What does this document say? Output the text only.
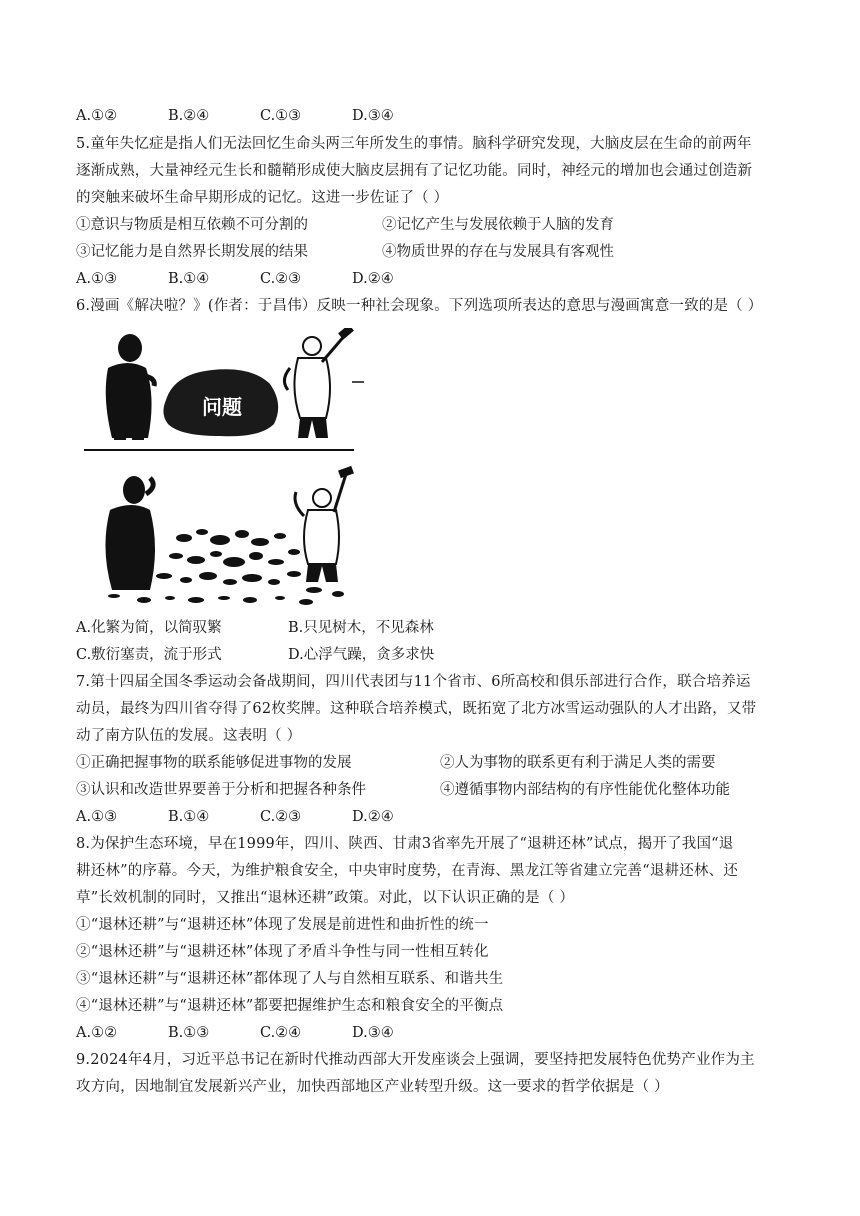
A.①②	B.②④	C.①③	D.③④
5.童年失忆症是指人们无法回忆生命头两三年所发生的事情。脑科学研究发现，大脑皮层在生命的前两年
逐渐成熟，大量神经元生长和髓鞘形成使大脑皮层拥有了记忆功能。同时，神经元的增加也会通过创造新
的突触来破坏生命早期形成的记忆。这进一步佐证了（ ）
①意识与物质是相互依赖不可分割的	②记忆产生与发展依赖于人脑的发育
③记忆能力是自然界长期发展的结果	④物质世界的存在与发展具有客观性
A.①③	B.①④	C.②③	D.②④
6.漫画《解决啦？》(作者：于昌伟）反映一种社会现象。下列选项所表达的意思与漫画寓意一致的是（ ）
问题
A.化繁为简，以简驭繁	B.只见树木，不见森林
C.敷衍塞责，流于形式	D.心浮气躁，贪多求快
7.第十四届全国冬季运动会备战期间，四川代表团与11个省市、6所高校和俱乐部进行合作，联合培养运
动员，最终为四川省夺得了62枚奖牌。这种联合培养模式，既拓宽了北方冰雪运动强队的人才出路，又带
动了南方队伍的发展。这表明（ ）
①正确把握事物的联系能够促进事物的发展	②人为事物的联系更有利于满足人类的需要
③认识和改造世界要善于分析和把握各种条件	④遵循事物内部结构的有序性能优化整体功能
A.①③	B.①④	C.②③	D.②④
8.为保护生态环境，早在1999年，四川、陕西、甘肃3省率先开展了“退耕还林”试点，揭开了我国“退
耕还林”的序幕。今天，为维护粮食安全，中央审时度势，在青海、黑龙江等省建立完善“退耕还林、还
草”长效机制的同时，又推出“退林还耕”政策。对此，以下认识正确的是（ ）
①“退林还耕”与“退耕还林”体现了发展是前进性和曲折性的统一
②“退林还耕”与“退耕还林”体现了矛盾斗争性与同一性相互转化
③“退林还耕”与“退耕还林”都体现了人与自然相互联系、和谐共生
④“退林还耕”与“退耕还林”都要把握维护生态和粮食安全的平衡点
A.①②	B.①③	C.②④	D.③④
9.2024年4月，习近平总书记在新时代推动西部大开发座谈会上强调，要坚持把发展特色优势产业作为主
攻方向，因地制宜发展新兴产业，加快西部地区产业转型升级。这一要求的哲学依据是（ ）
